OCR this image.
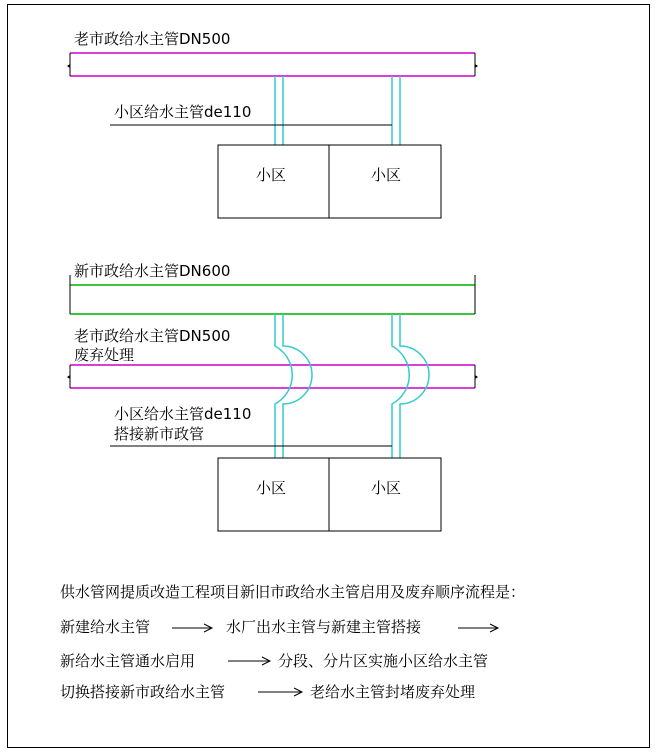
老市政给水主管DN500
小区给水主管de110
小区	小区
新市政给水主管DN600
老市政给水主管DN500
废弃处理
小区给水主管de110
搭接新市政管
小区	小区
供水管网提质改造工程项目新旧市政给水主管启用及废弃顺序流程是：
新建给水主管	水厂出水主管与新建主管搭接
新给水主管通水启用	分段、分片区实施小区给水主管
切换搭接新市政给水主管	老给水主管封堵废弃处理
